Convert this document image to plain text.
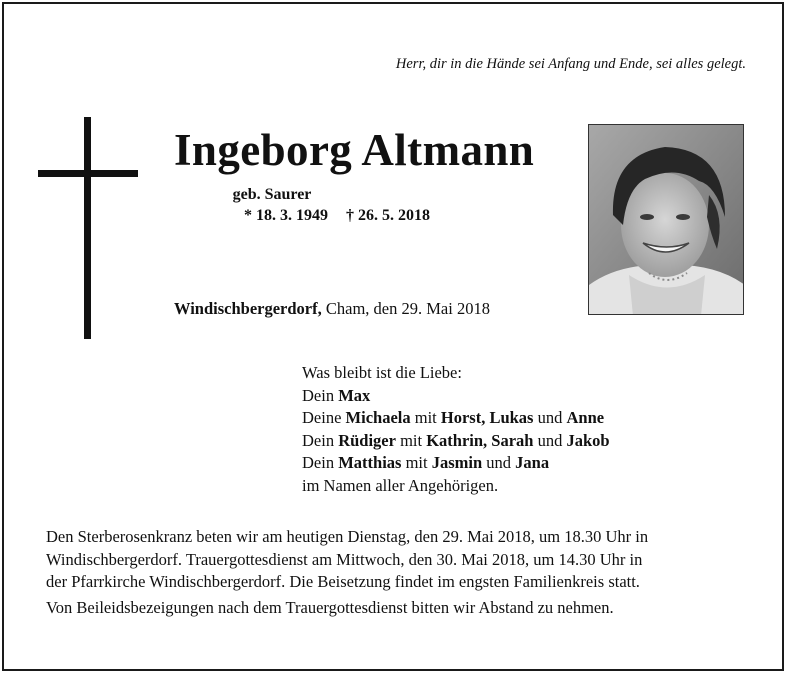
Herr, dir in die Hände sei Anfang und Ende, sei alles gelegt.
Ingeborg Altmann
geb. Saurer
* 18. 3. 1949 † 26. 5. 2018
Windischbergerdorf, Cham, den 29. Mai 2018
Was bleibt ist die Liebe:
Dein Max
Deine Michaela mit Horst, Lukas und Anne
Dein Rüdiger mit Kathrin, Sarah und Jakob
Dein Matthias mit Jasmin und Jana
im Namen aller Angehörigen.
Den Sterberosenkranz beten wir am heutigen Dienstag, den 29. Mai 2018, um 18.30 Uhr in
Windischbergerdorf. Trauergottesdienst am Mittwoch, den 30. Mai 2018, um 14.30 Uhr in
der Pfarrkirche Windischbergerdorf. Die Beisetzung findet im engsten Familienkreis statt.
Von Beileidsbezeigungen nach dem Trauergottesdienst bitten wir Abstand zu nehmen.
